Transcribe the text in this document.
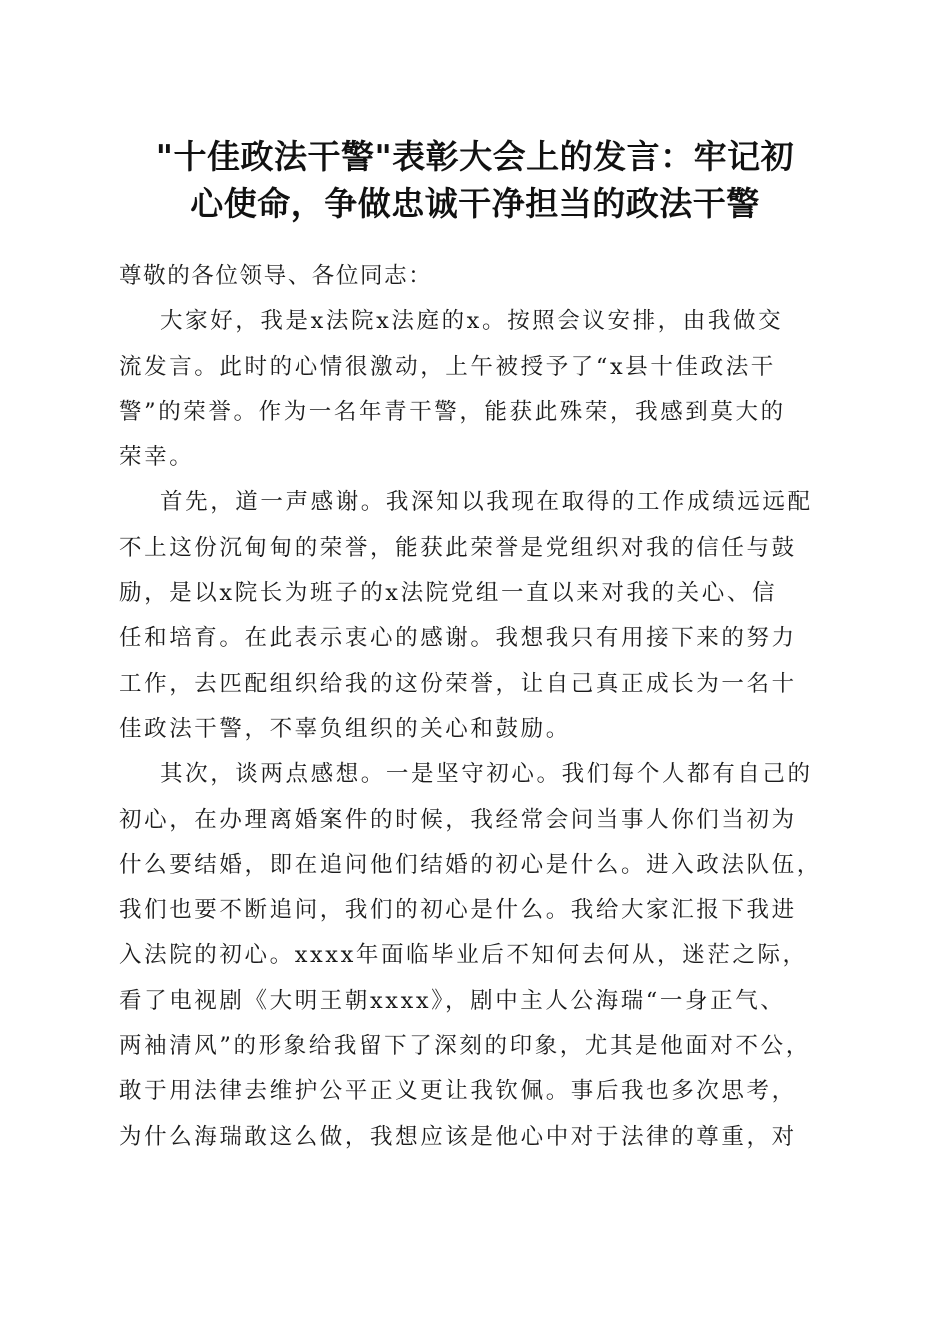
"十佳政法干警"表彰大会上的发言：牢记初
心使命，争做忠诚干净担当的政法干警
尊敬的各位领导、各位同志：
大家好，我是x法院x法庭的x。按照会议安排，由我做交
流发言。此时的心情很激动，上午被授予了“x县十佳政法干
警”的荣誉。作为一名年青干警，能获此殊荣，我感到莫大的
荣幸。
首先，道一声感谢。我深知以我现在取得的工作成绩远远配
不上这份沉甸甸的荣誉，能获此荣誉是党组织对我的信任与鼓
励，是以x院长为班子的x法院党组一直以来对我的关心、信
任和培育。在此表示衷心的感谢。我想我只有用接下来的努力
工作，去匹配组织给我的这份荣誉，让自己真正成长为一名十
佳政法干警，不辜负组织的关心和鼓励。
其次，谈两点感想。一是坚守初心。我们每个人都有自己的
初心，在办理离婚案件的时候，我经常会问当事人你们当初为
什么要结婚，即在追问他们结婚的初心是什么。进入政法队伍，
我们也要不断追问，我们的初心是什么。我给大家汇报下我进
入法院的初心。xxxx年面临毕业后不知何去何从，迷茫之际，
看了电视剧《大明王朝xxxx》，剧中主人公海瑞“一身正气、
两袖清风”的形象给我留下了深刻的印象，尤其是他面对不公，
敢于用法律去维护公平正义更让我钦佩。事后我也多次思考，
为什么海瑞敢这么做，我想应该是他心中对于法律的尊重，对
